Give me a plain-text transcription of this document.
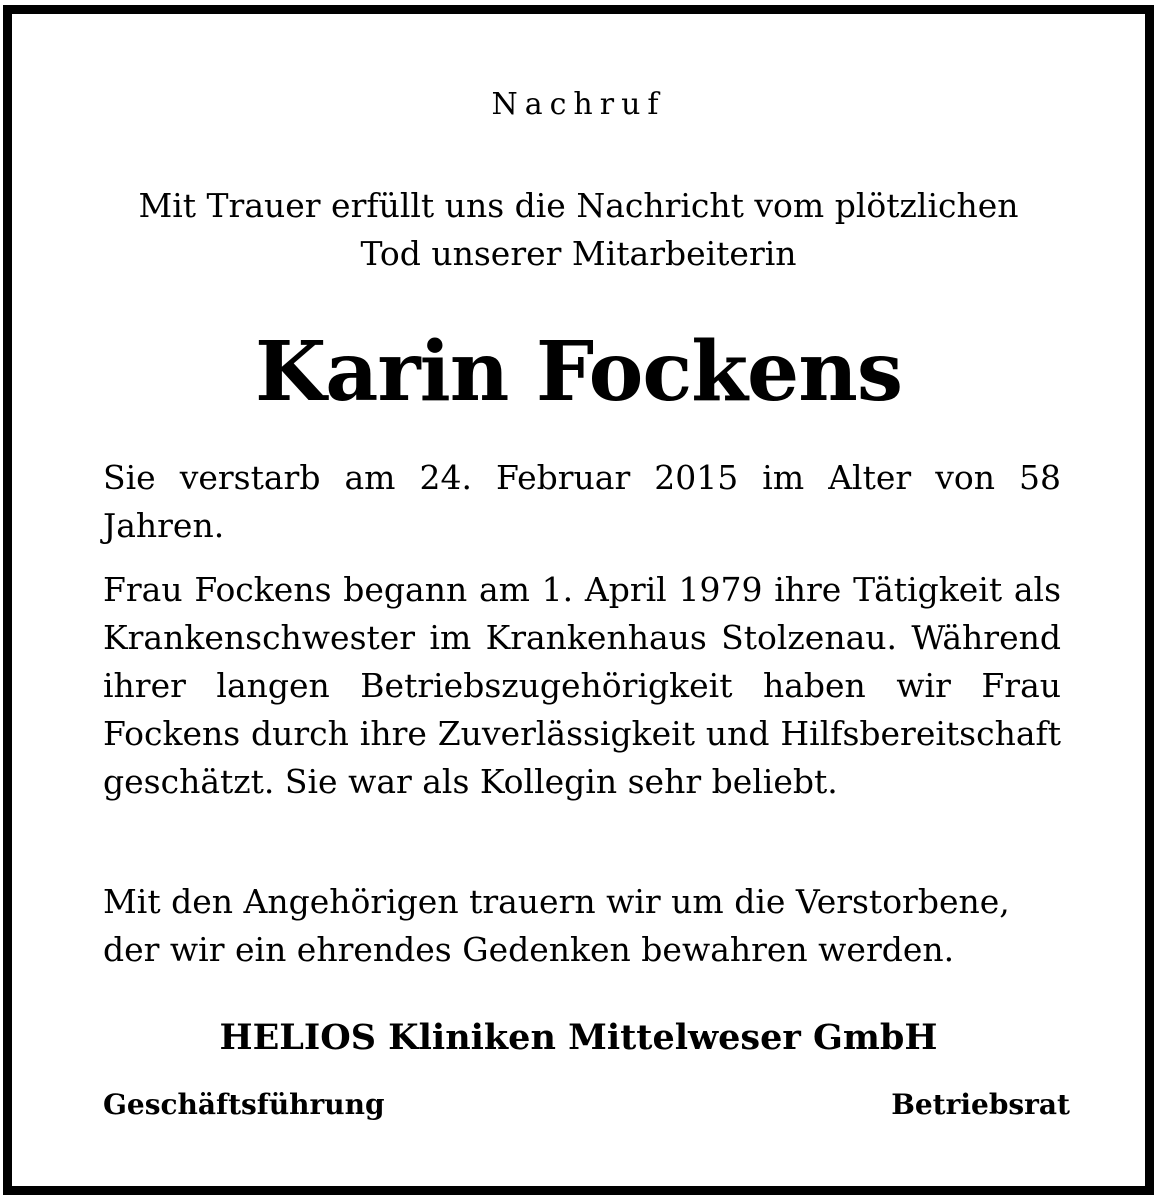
Nachruf

Mit Trauer erfüllt uns die Nachricht vom plötzlichen
Tod unserer Mitarbeiterin

Karin Fockens

Sie verstarb am 24. Februar 2015 im Alter von 58 Jahren.

Frau Fockens begann am 1. April 1979 ihre Tätigkeit als Krankenschwester im Krankenhaus Stolzenau. Während ihrer langen Betriebszugehörigkeit haben wir Frau Fockens durch ihre Zuverlässigkeit und Hilfsbereitschaft geschätzt. Sie war als Kollegin sehr beliebt.

Mit den Angehörigen trauern wir um die Verstorbene, der wir ein ehrendes Gedenken bewahren werden.

HELIOS Kliniken Mittelweser GmbH

Geschäftsführung	Betriebsrat
